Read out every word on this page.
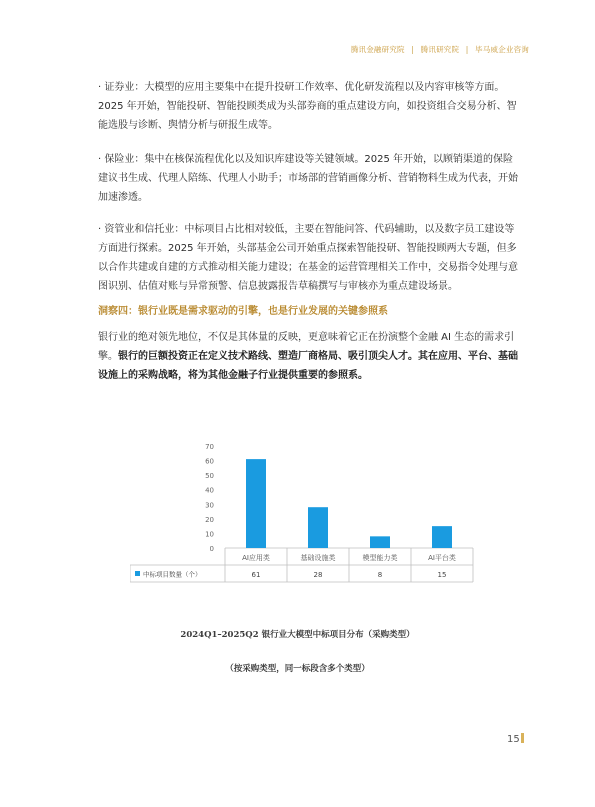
腾讯金融研究院 | 腾讯研究院 | 毕马威企业咨询
· 证券业：大模型的应用主要集中在提升投研工作效率、优化研发流程以及内容审核等方面。2025 年开始，智能投研、智能投顾类成为头部券商的重点建设方向，如投资组合交易分析、智能选股与诊断、舆情分析与研报生成等。
· 保险业：集中在核保流程优化以及知识库建设等关键领域。2025 年开始，以顾销渠道的保险建议书生成、代理人陪练、代理人小助手；市场部的营销画像分析、营销物料生成为代表，开始加速渗透。
· 资管业和信托业：中标项目占比相对较低，主要在智能问答、代码辅助，以及数字员工建设等方面进行探索。2025 年开始，头部基金公司开始重点探索智能投研、智能投顾两大专题，但多以合作共建或自建的方式推动相关能力建设；在基金的运营管理相关工作中，交易指令处理与意图识别、估值对账与异常预警、信息披露报告草稿撰写与审核亦为重点建设场景。
洞察四：银行业既是需求驱动的引擎，也是行业发展的关键参照系
银行业的绝对领先地位，不仅是其体量的反映，更意味着它正在扮演整个金融 AI 生态的需求引擎。银行的巨额投资正在定义技术路线、塑造厂商格局、吸引顶尖人才。其在应用、平台、基础设施上的采购战略，将为其他金融子行业提供重要的参照系。
0
10
20
30
40
50
60
70
AI应用类
61
基础设施类
28
模型能力类
8
AI平台类
15
中标项目数量（个）
2024Q1–2025Q2 银行业大模型中标项目分布（采购类型）
（按采购类型，同一标段含多个类型）
15
